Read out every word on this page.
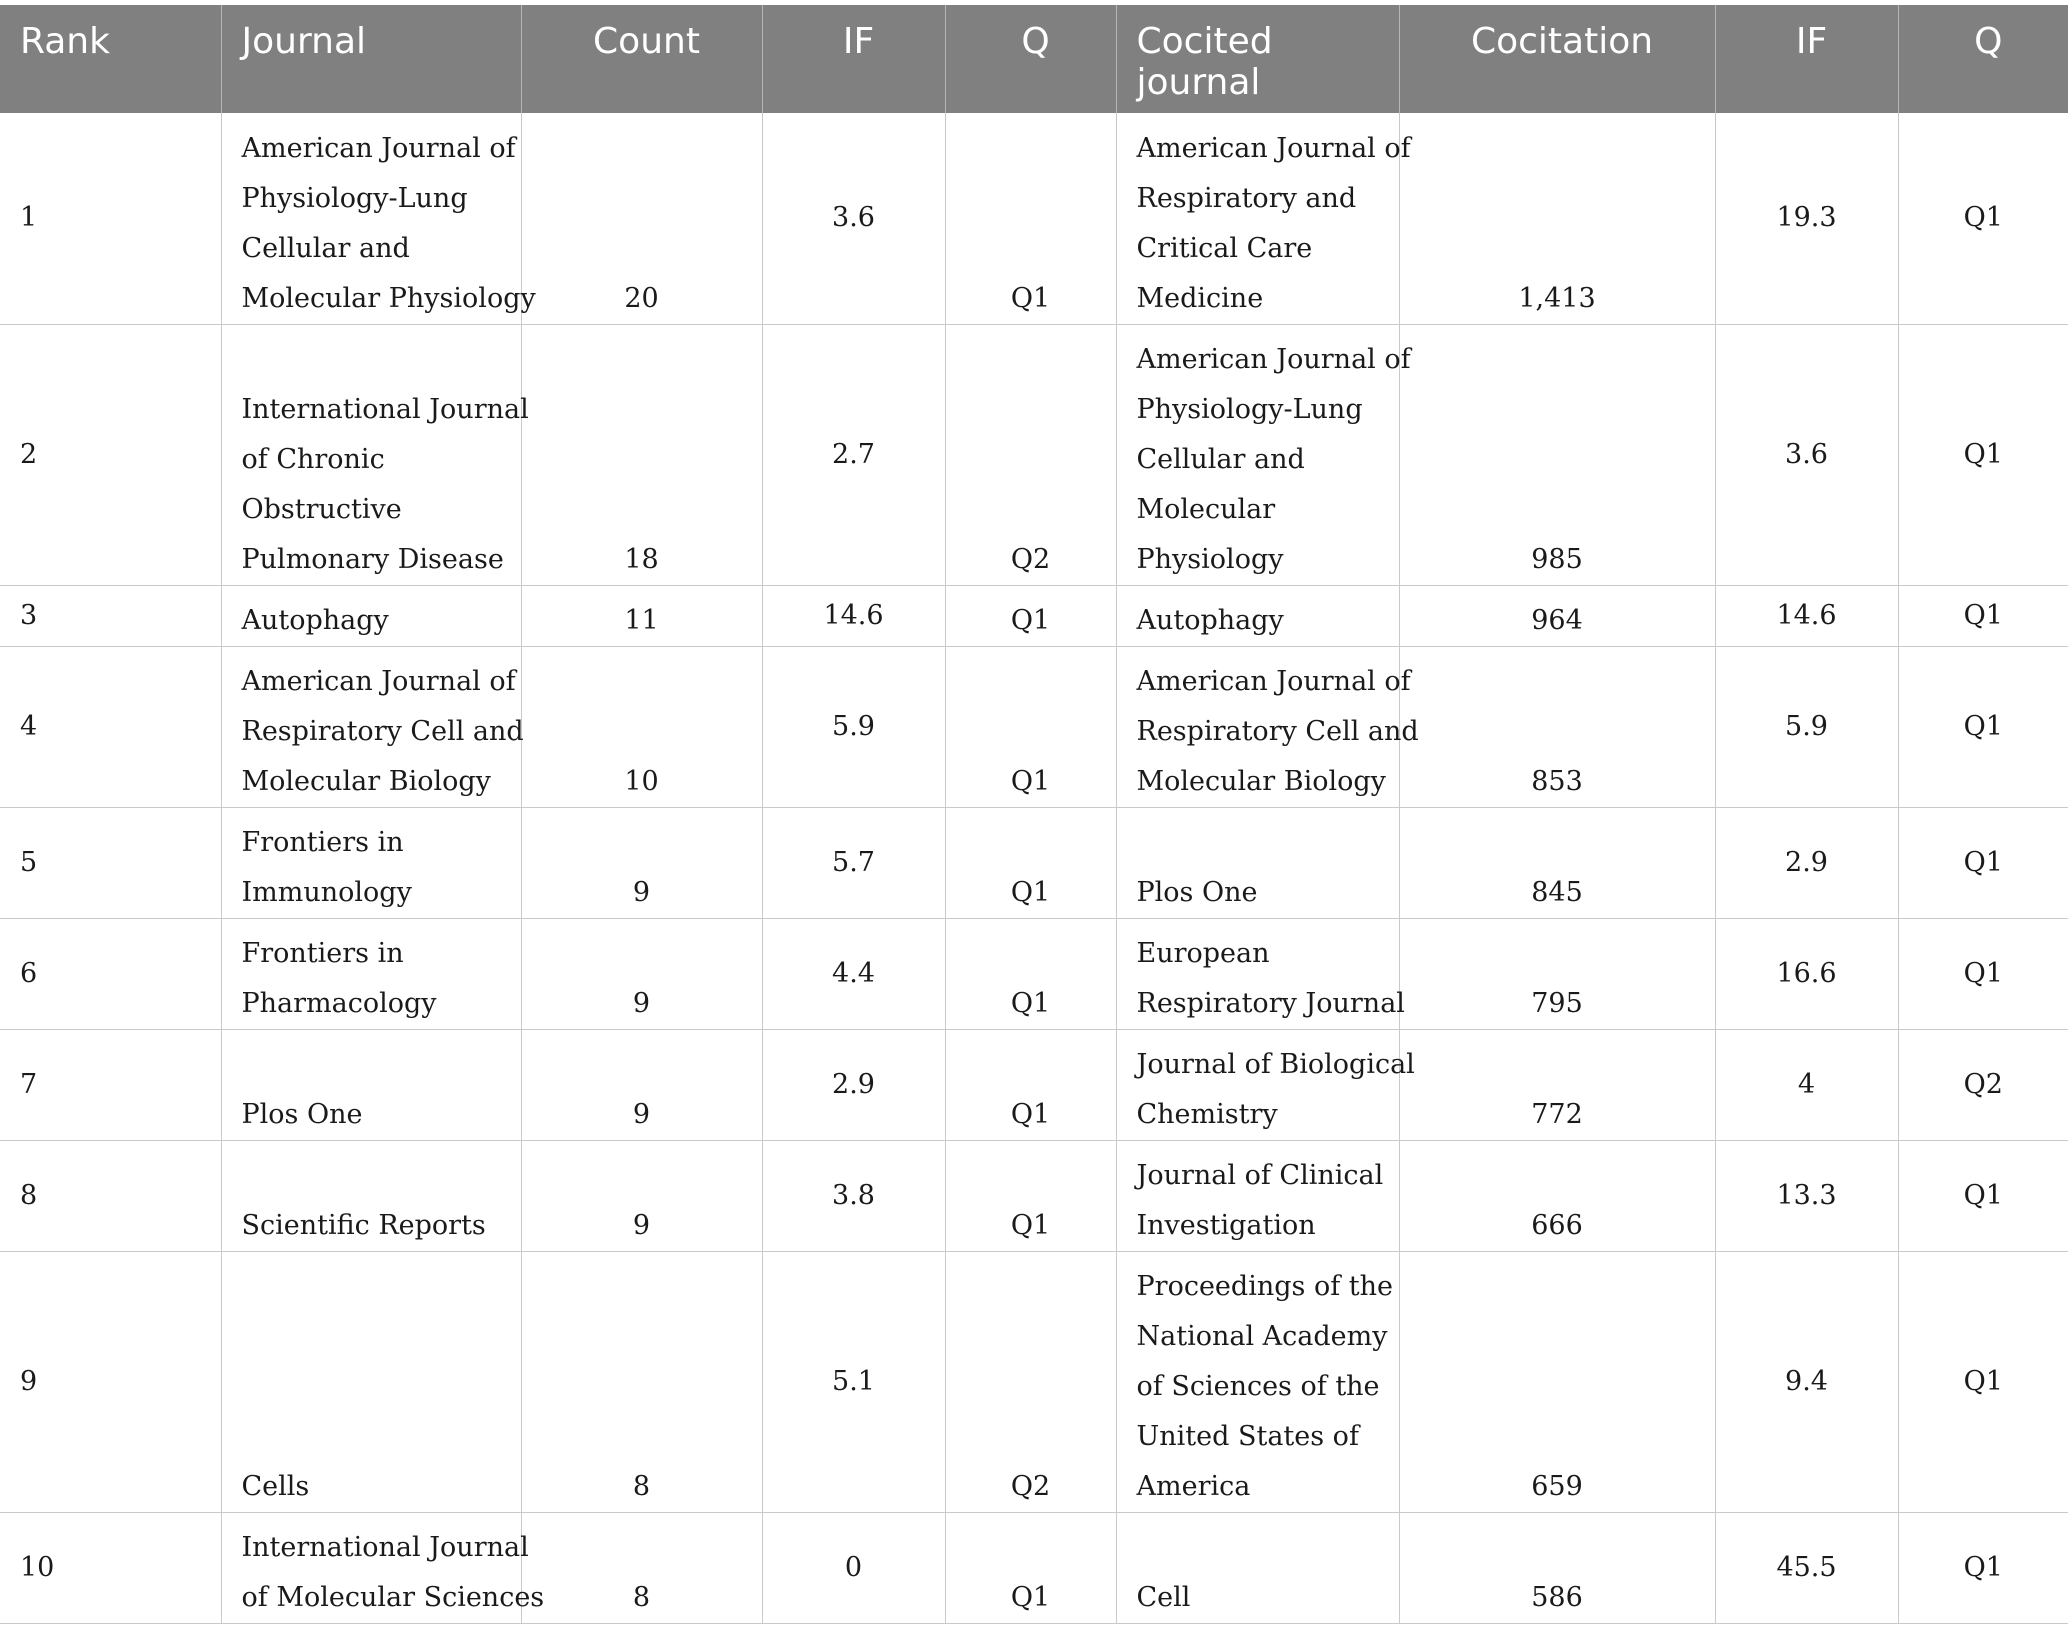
Rank	Journal	Count	IF	Q	Cocited
journal	Cocitation	IF	Q
1	American Journal of
Physiology-Lung
Cellular and
Molecular Physiology	20	3.6	Q1	American Journal of
Respiratory and
Critical Care
Medicine	1,413	19.3	Q1
2	International Journal
of Chronic
Obstructive
Pulmonary Disease	18	2.7	Q2	American Journal of
Physiology-Lung
Cellular and
Molecular
Physiology	985	3.6	Q1
3	Autophagy	11	14.6	Q1	Autophagy	964	14.6	Q1
4	American Journal of
Respiratory Cell and
Molecular Biology	10	5.9	Q1	American Journal of
Respiratory Cell and
Molecular Biology	853	5.9	Q1
5	Frontiers in
Immunology	9	5.7	Q1	Plos One	845	2.9	Q1
6	Frontiers in
Pharmacology	9	4.4	Q1	European
Respiratory Journal	795	16.6	Q1
7	Plos One	9	2.9	Q1	Journal of Biological
Chemistry	772	4	Q2
8	Scientific Reports	9	3.8	Q1	Journal of Clinical
Investigation	666	13.3	Q1
9	Cells	8	5.1	Q2	Proceedings of the
National Academy
of Sciences of the
United States of
America	659	9.4	Q1
10	International Journal
of Molecular Sciences	8	0	Q1	Cell	586	45.5	Q1
